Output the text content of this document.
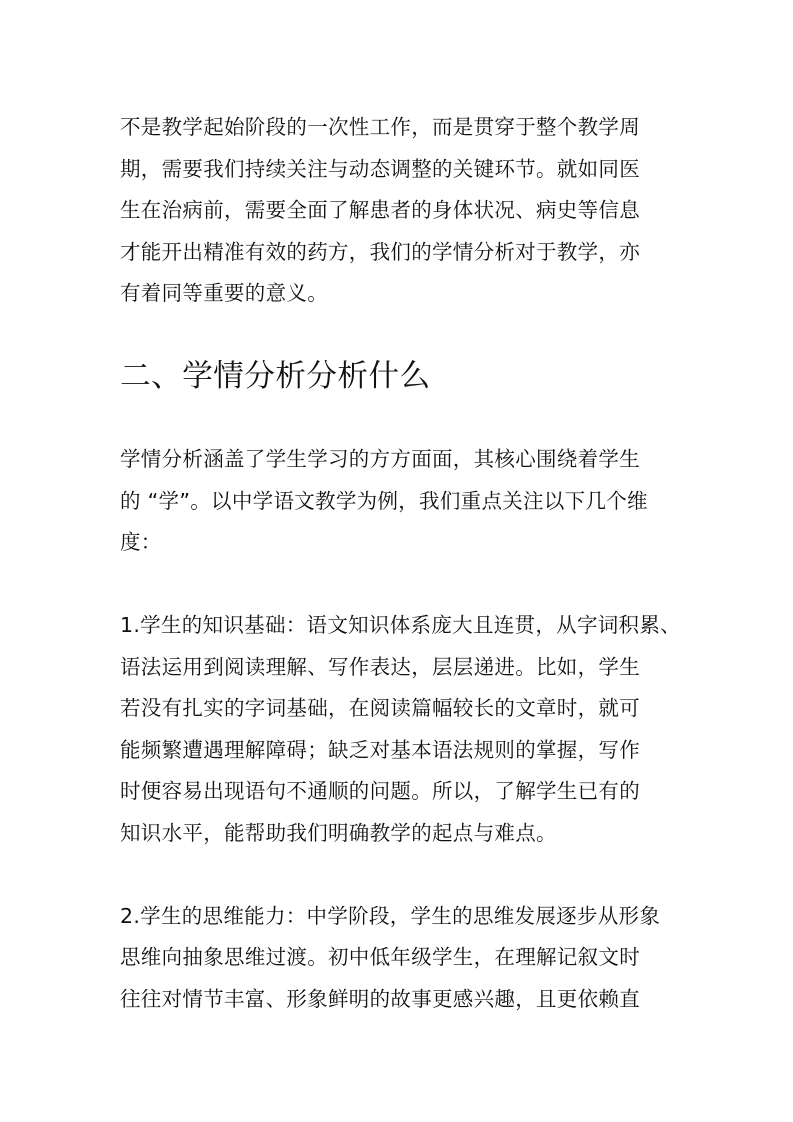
不是教学起始阶段的一次性工作，而是贯穿于整个教学周
期，需要我们持续关注与动态调整的关键环节。就如同医
生在治病前，需要全面了解患者的身体状况、病史等信息
才能开出精准有效的药方，我们的学情分析对于教学，亦
有着同等重要的意义。

二、学情分析分析什么

学情分析涵盖了学生学习的方方面面，其核心围绕着学生
的 “学”。以中学语文教学为例，我们重点关注以下几个维
度：

1.学生的知识基础：语文知识体系庞大且连贯，从字词积累、
语法运用到阅读理解、写作表达，层层递进。比如，学生
若没有扎实的字词基础，在阅读篇幅较长的文章时，就可
能频繁遭遇理解障碍；缺乏对基本语法规则的掌握，写作
时便容易出现语句不通顺的问题。所以，了解学生已有的
知识水平，能帮助我们明确教学的起点与难点。

2.学生的思维能力：中学阶段，学生的思维发展逐步从形象
思维向抽象思维过渡。初中低年级学生，在理解记叙文时
往往对情节丰富、形象鲜明的故事更感兴趣，且更依赖直
